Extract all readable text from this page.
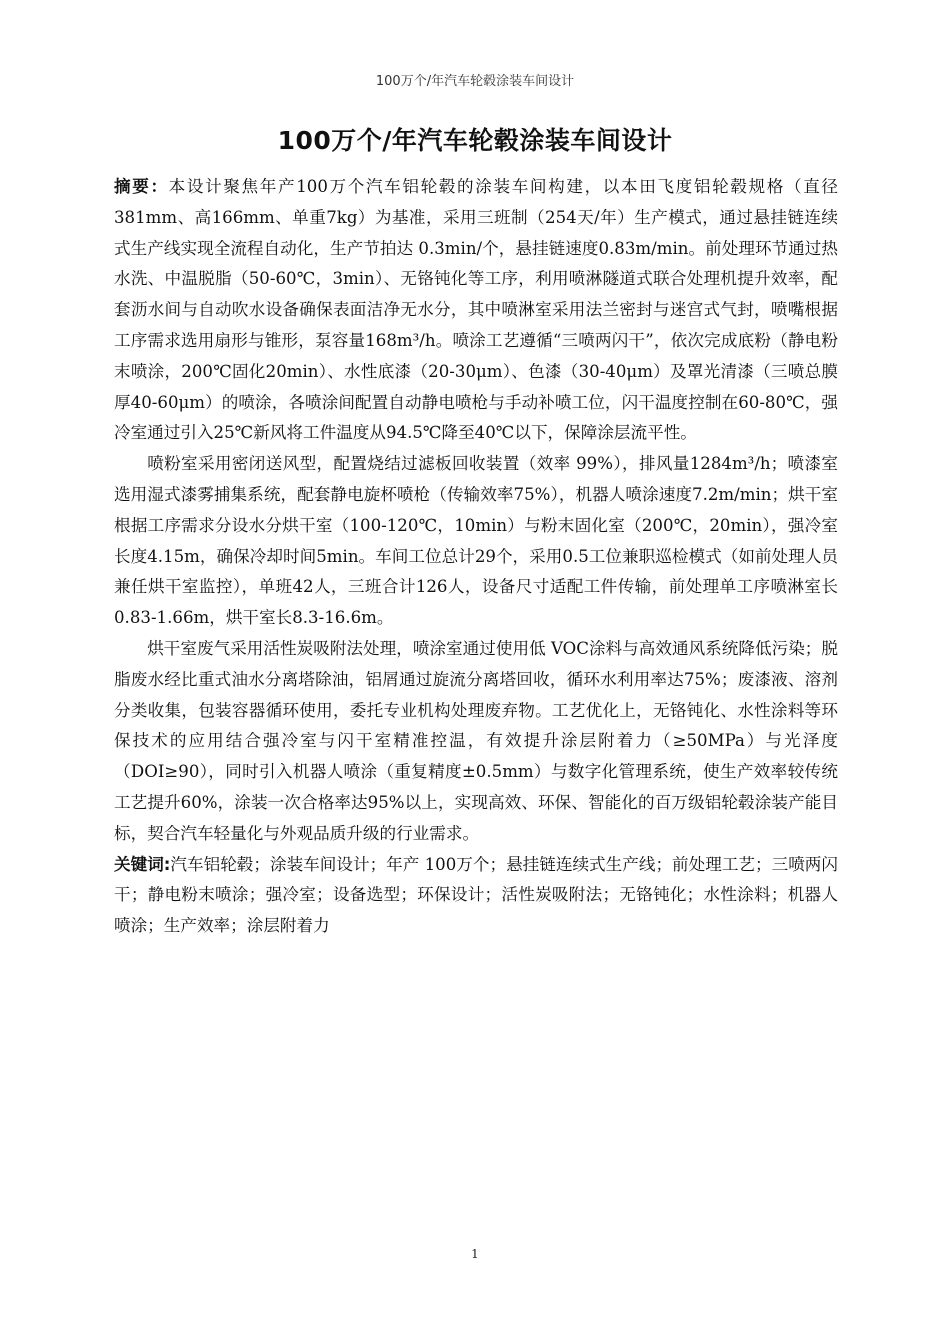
100万个/年汽车轮毂涂装车间设计
100万个/年汽车轮毂涂装车间设计

摘要：本设计聚焦年产100万个汽车铝轮毂的涂装车间构建，以本田飞度铝轮毂规格（直径381mm、高166mm、单重7kg）为基准，采用三班制（254天/年）生产模式，通过悬挂链连续式生产线实现全流程自动化，生产节拍达 0.3min/个，悬挂链速度0.83m/min。前处理环节通过热水洗、中温脱脂（50-60℃，3min）、无铬钝化等工序，利用喷淋隧道式联合处理机提升效率，配套沥水间与自动吹水设备确保表面洁净无水分，其中喷淋室采用法兰密封与迷宫式气封，喷嘴根据工序需求选用扇形与锥形，泵容量168m³/h。喷涂工艺遵循“三喷两闪干”，依次完成底粉（静电粉末喷涂，200℃固化20min）、水性底漆（20-30μm）、色漆（30-40μm）及罩光清漆（三喷总膜厚40-60μm）的喷涂，各喷涂间配置自动静电喷枪与手动补喷工位，闪干温度控制在60-80℃，强冷室通过引入25℃新风将工件温度从94.5℃降至40℃以下，保障涂层流平性。

喷粉室采用密闭送风型，配置烧结过滤板回收装置（效率 99%），排风量1284m³/h；喷漆室选用湿式漆雾捕集系统，配套静电旋杯喷枪（传输效率75%），机器人喷涂速度7.2m/min；烘干室根据工序需求分设水分烘干室（100-120℃，10min）与粉末固化室（200℃，20min），强冷室长度4.15m，确保冷却时间5min。车间工位总计29个，采用0.5工位兼职巡检模式（如前处理人员兼任烘干室监控），单班42人，三班合计126人，设备尺寸适配工件传输，前处理单工序喷淋室长0.83-1.66m，烘干室长8.3-16.6m。

烘干室废气采用活性炭吸附法处理，喷涂室通过使用低 VOC涂料与高效通风系统降低污染；脱脂废水经比重式油水分离塔除油，铝屑通过旋流分离塔回收，循环水利用率达75%；废漆液、溶剂分类收集，包装容器循环使用，委托专业机构处理废弃物。工艺优化上，无铬钝化、水性涂料等环保技术的应用结合强冷室与闪干室精准控温，有效提升涂层附着力（≥50MPa）与光泽度（DOI≥90），同时引入机器人喷涂（重复精度±0.5mm）与数字化管理系统，使生产效率较传统工艺提升60%，涂装一次合格率达95%以上，实现高效、环保、智能化的百万级铝轮毂涂装产能目标，契合汽车轻量化与外观品质升级的行业需求。

关键词:汽车铝轮毂；涂装车间设计；年产 100万个；悬挂链连续式生产线；前处理工艺；三喷两闪干；静电粉末喷涂；强冷室；设备选型；环保设计；活性炭吸附法；无铬钝化；水性涂料；机器人喷涂；生产效率；涂层附着力

1
